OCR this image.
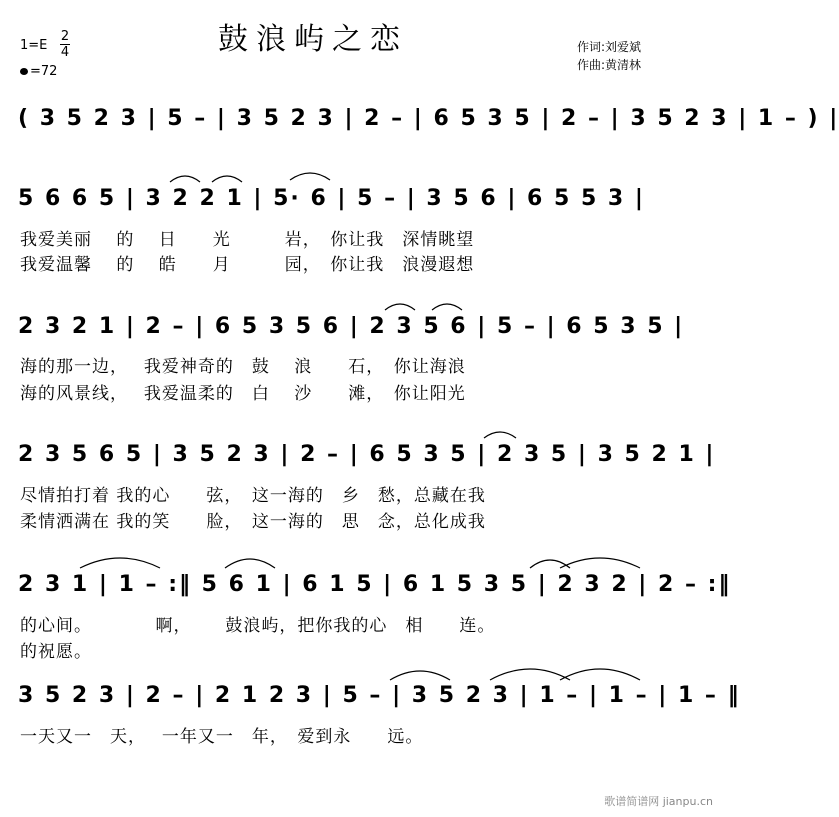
鼓浪屿之恋
1=E
2
4
=72
作词:刘爱斌
作曲:黄清林
( 3 5 2 3 | 5 – | 3 5 2 3 | 2 – | 6 5 3 5 | 2 – | 3 5 2 3 | 1 – ) |
5 6 6 5 | 3 2 2 1 | 5· 6 | 5 – | 3 5 6 | 6 5 5 3 |
我爱美丽　 的　 日　　光　　　岩，　你让我　深情眺望
我爱温馨　 的　 皓　　月　　　园，　你让我　浪漫遐想
2 3 2 1 | 2 – | 6 5 3 5 6 | 2 3 5 6 | 5 – | 6 5 3 5 |
海的那一边，　 我爱神奇的　鼓　 浪　　石，　你让海浪
海的风景线，　 我爱温柔的　白　 沙　　滩，　你让阳光
2 3 5 6 5 | 3 5 2 3 | 2 – | 6 5 3 5 | 2 3 5 | 3 5 2 1 |
尽情拍打着 我的心　　弦，　这一海的　乡　愁，总藏在我
柔情洒满在 我的笑　　脸，　这一海的　思　念，总化成我
2 3 1 | 1 – :‖ 5 6 1 | 6 1 5 | 6 1 5 3 5 | 2 3 2 | 2 – :‖
的心间。　　　　啊，　　 鼓浪屿，把你我的心　相　　连。
的祝愿。
3 5 2 3 | 2 – | 2 1 2 3 | 5 – | 3 5 2 3 | 1 – | 1 – | 1 – ‖
一天又一　天，　 一年又一　年，　爱到永　　远。
歌谱简谱网 jianpu.cn
